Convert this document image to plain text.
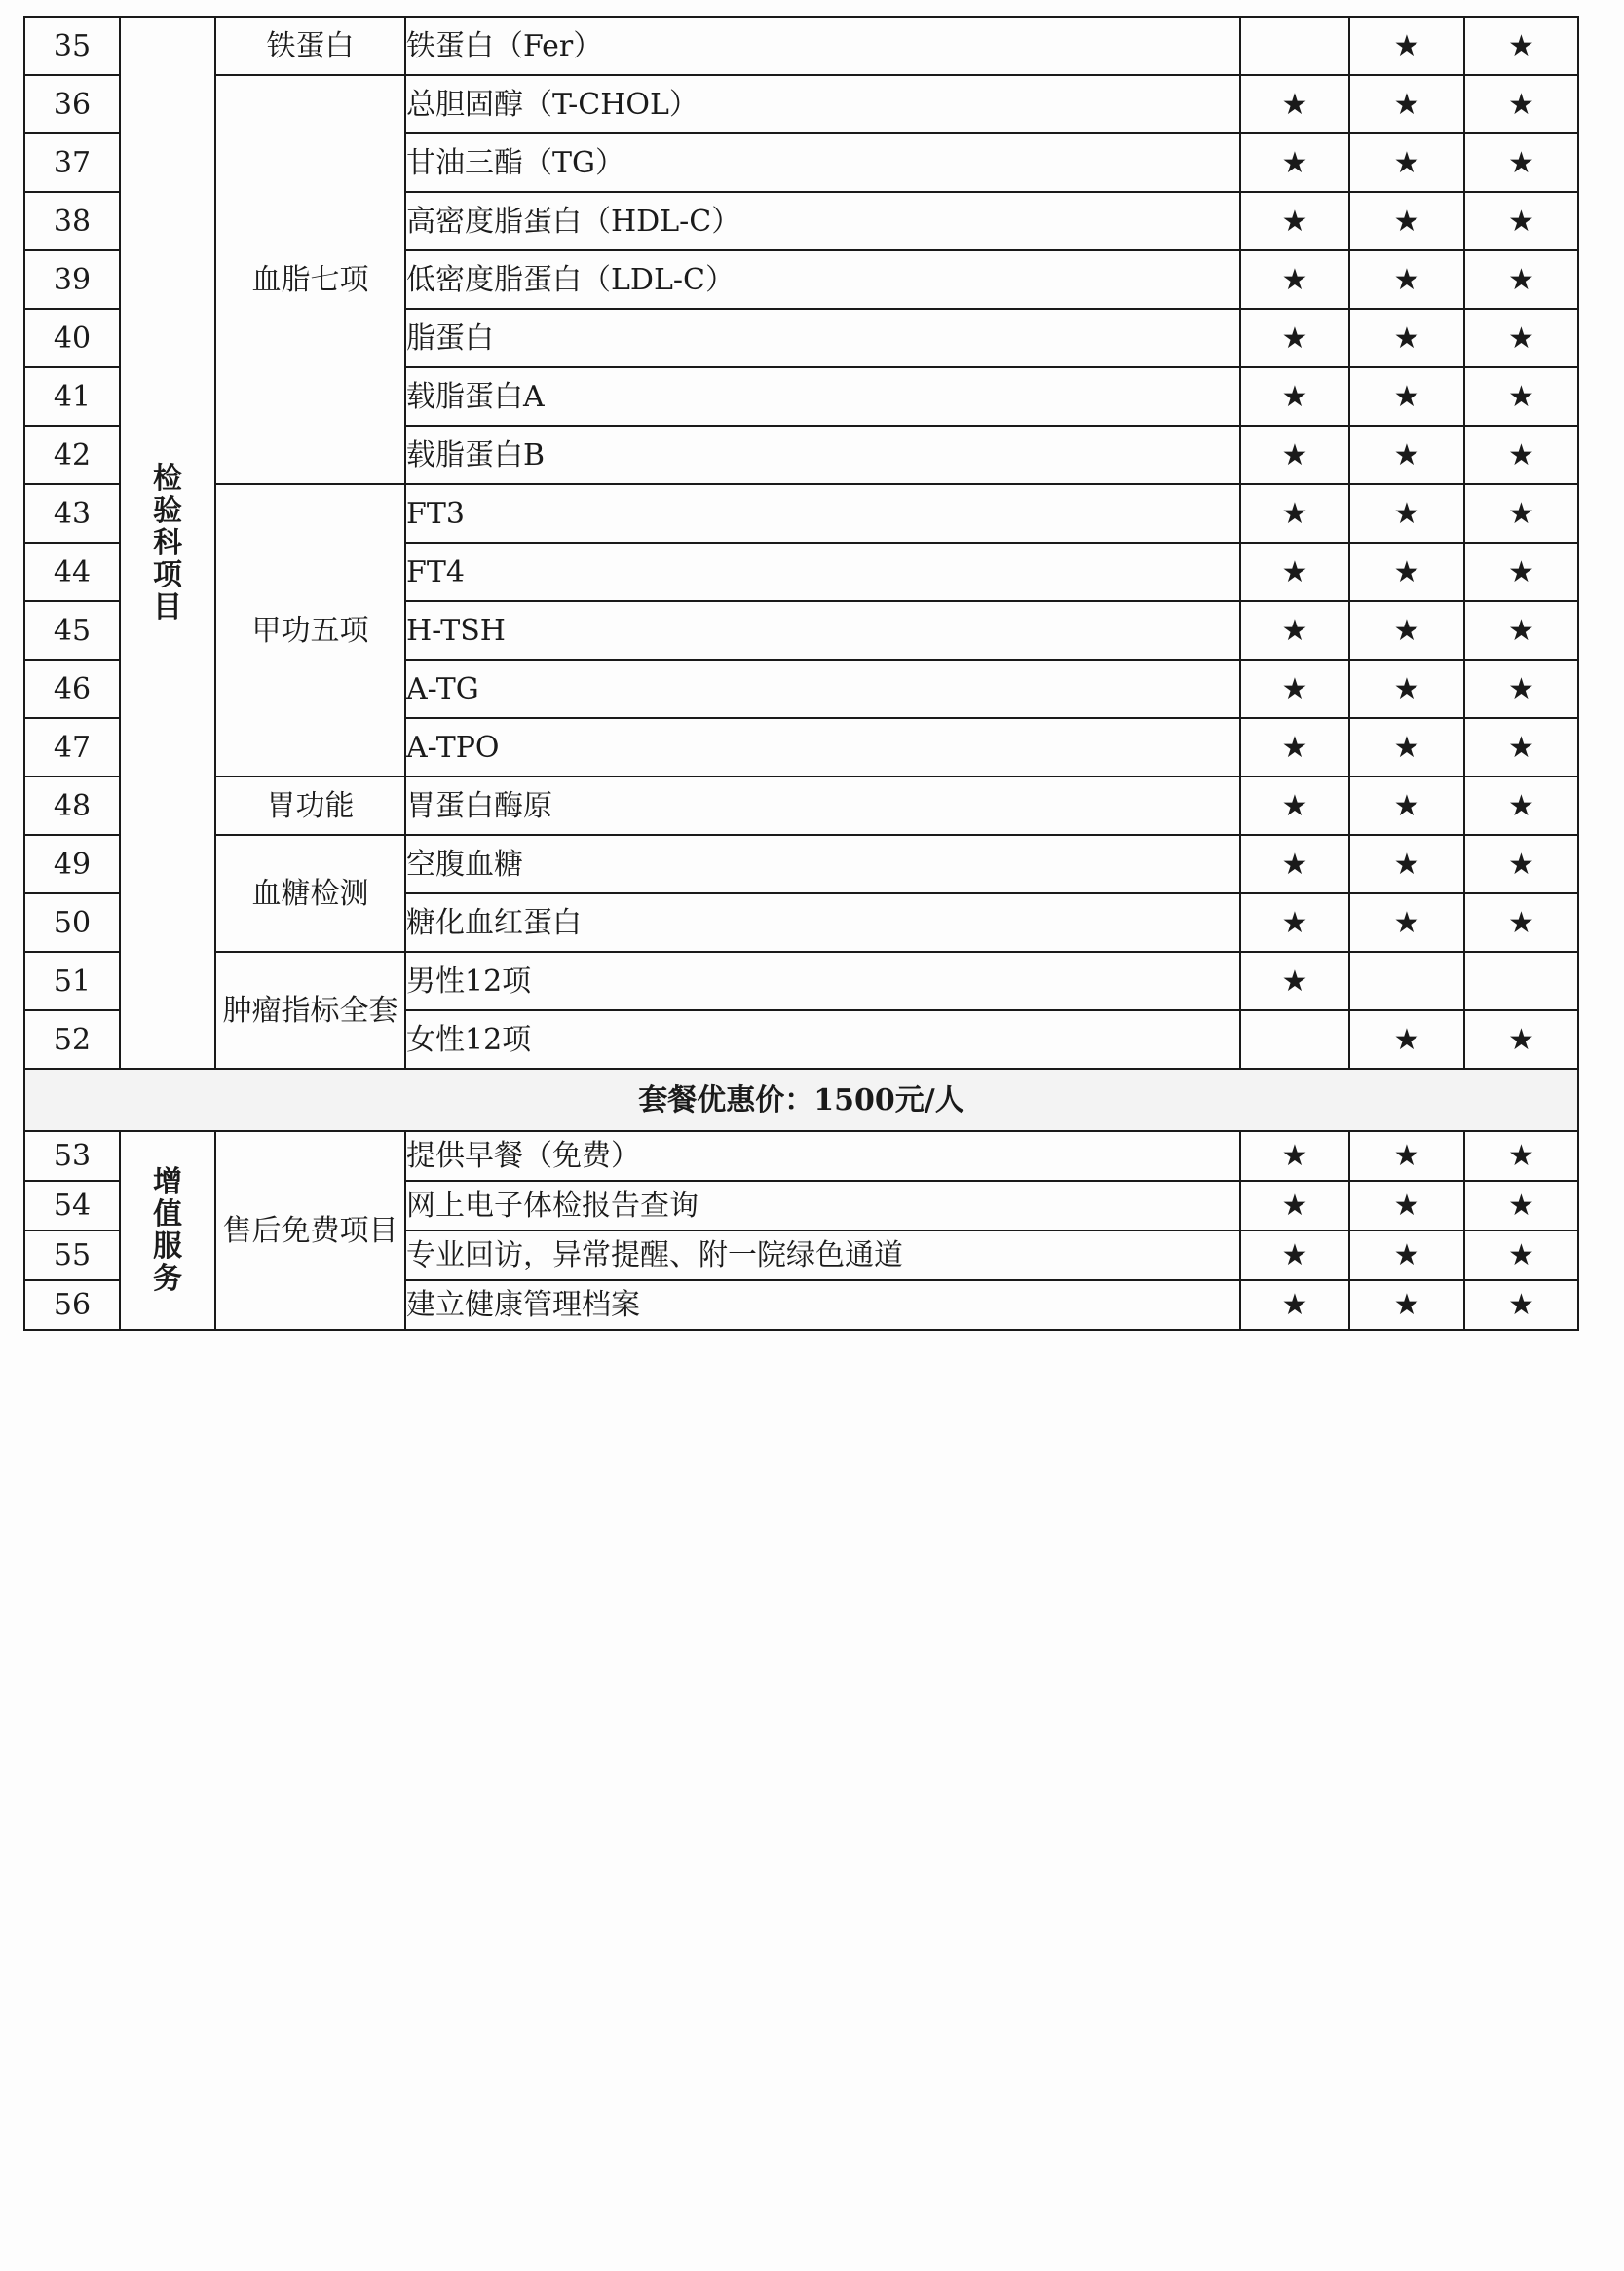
35	检验科项目	铁蛋白	铁蛋白（Fer）		★	★
36		血脂七项	总胆固醇（T-CHOL）	★	★	★
37			甘油三酯（TG）	★	★	★
38			高密度脂蛋白（HDL-C）	★	★	★
39			低密度脂蛋白（LDL-C）	★	★	★
40			脂蛋白	★	★	★
41			载脂蛋白A	★	★	★
42			载脂蛋白B	★	★	★
43		甲功五项	FT3	★	★	★
44			FT4	★	★	★
45			H-TSH	★	★	★
46			A-TG	★	★	★
47			A-TPO	★	★	★
48		胃功能	胃蛋白酶原	★	★	★
49		血糖检测	空腹血糖	★	★	★
50			糖化血红蛋白	★	★	★
51		肿瘤指标全套	男性12项	★		
52			女性12项		★	★
套餐优惠价：1500元/人						
53	增值服务	售后免费项目	提供早餐（免费）	★	★	★
54			网上电子体检报告查询	★	★	★
55			专业回访，异常提醒、附一院绿色通道	★	★	★
56			建立健康管理档案	★	★	★
